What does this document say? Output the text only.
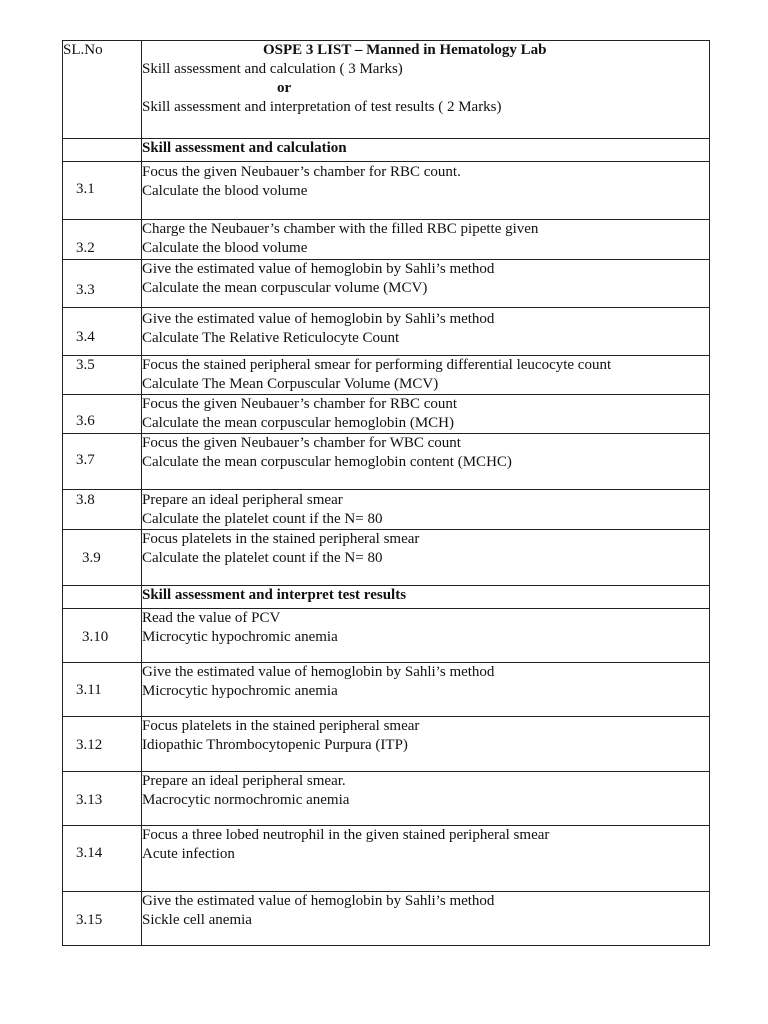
SL.No	OSPE 3 LIST – Manned in Hematology Lab
Skill assessment and calculation ( 3 Marks)
or
Skill assessment and interpretation of test results ( 2 Marks)

	Skill assessment and calculation

3.1	Focus the given Neubauer’s chamber for RBC count.
Calculate the blood volume

3.2	Charge the Neubauer’s chamber with the filled RBC pipette given
Calculate the blood volume

3.3	Give the estimated value of hemoglobin by Sahli’s method
Calculate the mean corpuscular volume (MCV)

3.4	Give the estimated value of hemoglobin by Sahli’s method
Calculate The Relative Reticulocyte Count

3.5	Focus the stained peripheral smear for performing differential leucocyte count
Calculate The Mean Corpuscular Volume (MCV)

3.6	Focus the given Neubauer’s chamber for RBC count
Calculate the mean corpuscular hemoglobin (MCH)

3.7	Focus the given Neubauer’s chamber for WBC count
Calculate the mean corpuscular hemoglobin content (MCHC)

3.8	Prepare an ideal peripheral smear
Calculate the platelet count if the N= 80

3.9	Focus platelets in the stained peripheral smear
Calculate the platelet count if the N= 80

	Skill assessment and interpret test results

3.10	Read the value of PCV
Microcytic hypochromic anemia

3.11	Give the estimated value of hemoglobin by Sahli’s method
Microcytic hypochromic anemia

3.12	Focus platelets in the stained peripheral smear
Idiopathic Thrombocytopenic Purpura (ITP)

3.13	Prepare an ideal peripheral smear.
Macrocytic normochromic anemia

3.14	Focus a three lobed neutrophil in the given stained peripheral smear
Acute infection

3.15	Give the estimated value of hemoglobin by Sahli’s method
Sickle cell anemia
